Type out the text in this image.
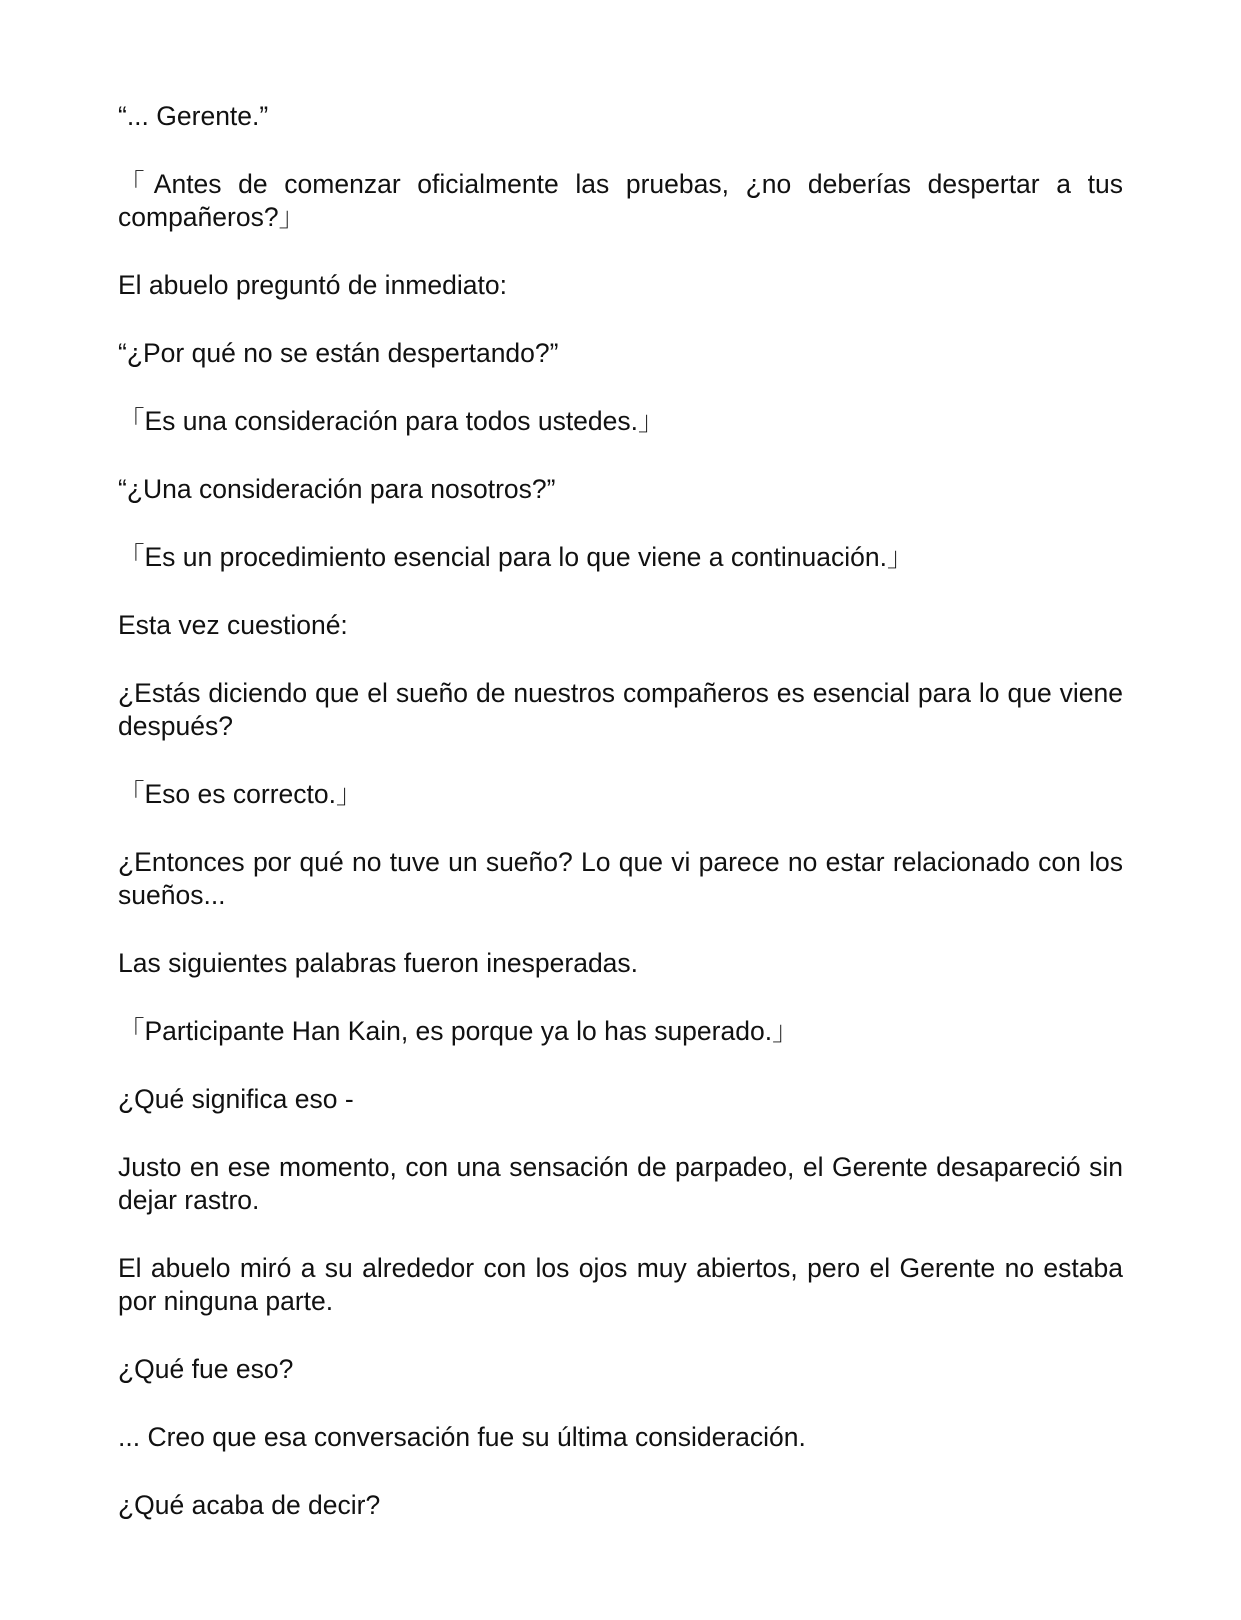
“... Gerente.”

「Antes de comenzar oficialmente las pruebas, ¿no deberías despertar a tus compañeros?」

El abuelo preguntó de inmediato:

“¿Por qué no se están despertando?”

「Es una consideración para todos ustedes.」

“¿Una consideración para nosotros?”

「Es un procedimiento esencial para lo que viene a continuación.」

Esta vez cuestioné:

¿Estás diciendo que el sueño de nuestros compañeros es esencial para lo que viene después?

「Eso es correcto.」

¿Entonces por qué no tuve un sueño? Lo que vi parece no estar relacionado con los sueños...

Las siguientes palabras fueron inesperadas.

「Participante Han Kain, es porque ya lo has superado.」

¿Qué significa eso -

Justo en ese momento, con una sensación de parpadeo, el Gerente desapareció sin dejar rastro.

El abuelo miró a su alrededor con los ojos muy abiertos, pero el Gerente no estaba por ninguna parte.

¿Qué fue eso?

... Creo que esa conversación fue su última consideración.

¿Qué acaba de decir?
